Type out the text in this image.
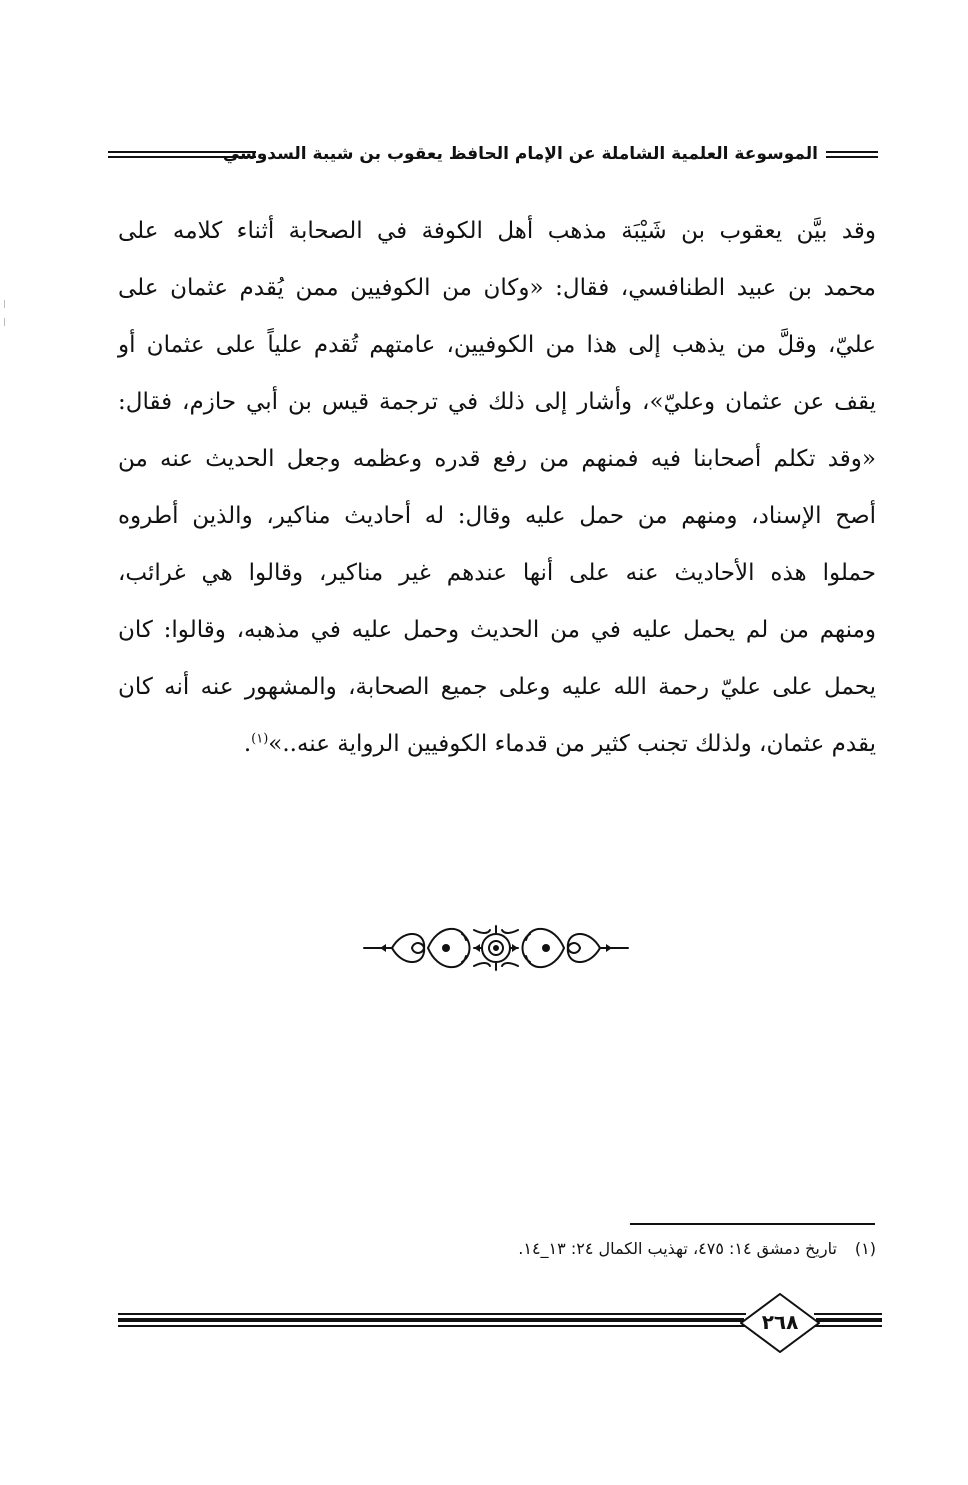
الموسوعة العلمية الشاملة عن الإمام الحافظ يعقوب بن شيبة السدوسي
وقد بيَّن يعقوب بن شَيْبَة مذهب أهل الكوفة في الصحابة أثناء كلامه على
محمد بن عبيد الطنافسي، فقال: «وكان من الكوفيين ممن يُقدم عثمان على
عليّ، وقلَّ من يذهب إلى هذا من الكوفيين، عامتهم تُقدم علياً على عثمان أو
يقف عن عثمان وعليّ»، وأشار إلى ذلك في ترجمة قيس بن أبي حازم، فقال:
«وقد تكلم أصحابنا فيه فمنهم من رفع قدره وعظمه وجعل الحديث عنه من
أصح الإسناد، ومنهم من حمل عليه وقال: له أحاديث مناكير، والذين أطروه
حملوا هذه الأحاديث عنه على أنها عندهم غير مناكير، وقالوا هي غرائب،
ومنهم من لم يحمل عليه في من الحديث وحمل عليه في مذهبه، وقالوا: كان
يحمل على عليّ رحمة الله عليه وعلى جميع الصحابة، والمشهور عنه أنه كان
يقدم عثمان، ولذلك تجنب كثير من قدماء الكوفيين الرواية عنه..»$^{(١)}$.
(١)تاريخ دمشق ١٤: ٤٧٥، تهذيب الكمال ٢٤: ١٣_١٤.
٢٦٨
